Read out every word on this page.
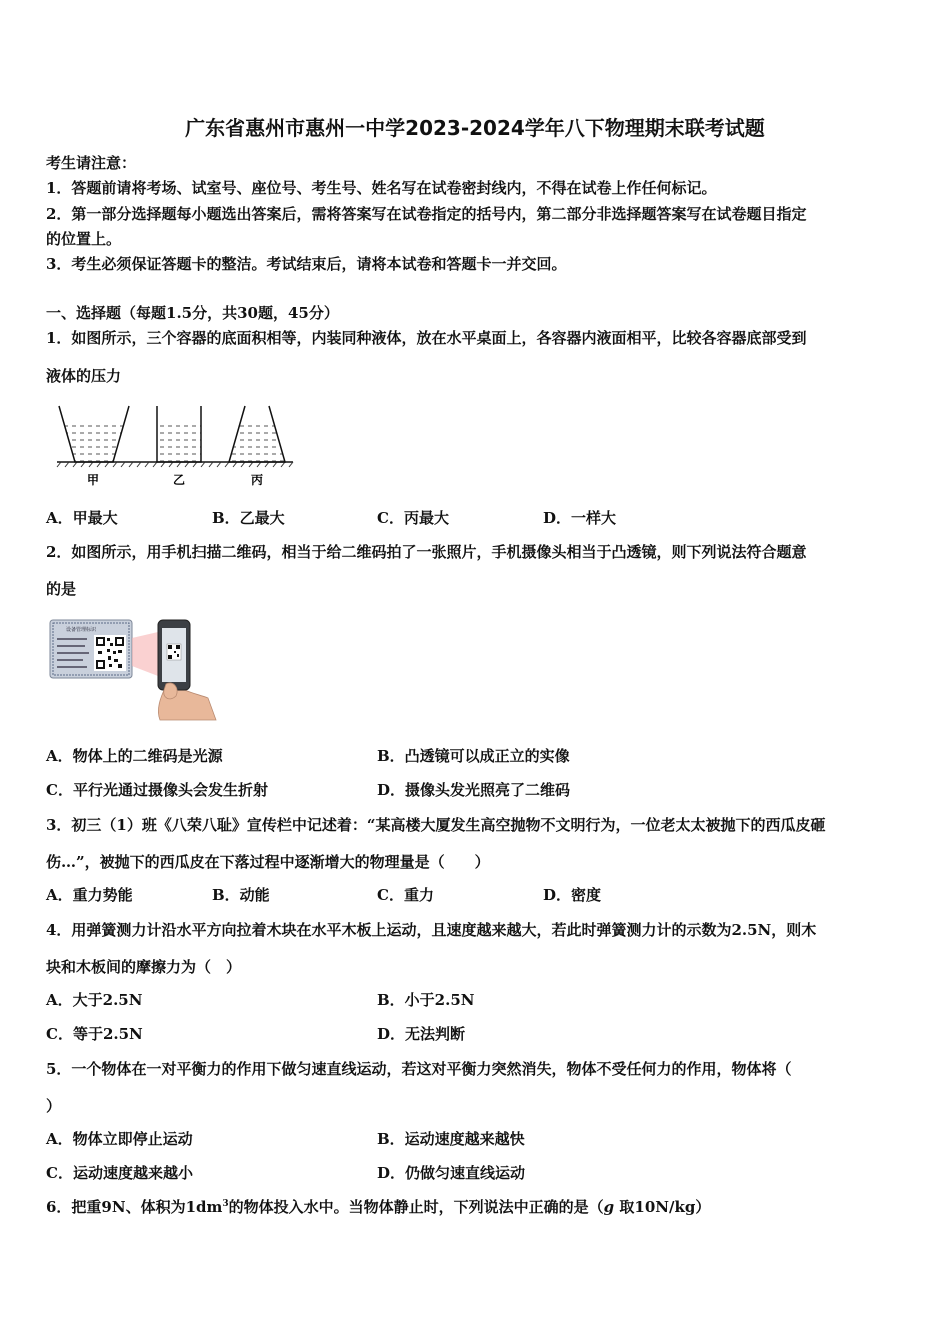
广东省惠州市惠州一中学2023-2024学年八下物理期末联考试题
考生请注意：
1．答题前请将考场、试室号、座位号、考生号、姓名写在试卷密封线内，不得在试卷上作任何标记。
2．第一部分选择题每小题选出答案后，需将答案写在试卷指定的括号内，第二部分非选择题答案写在试卷题目指定
的位置上。
3．考生必须保证答题卡的整洁。考试结束后，请将本试卷和答题卡一并交回。
一、选择题（每题1.5分，共30题，45分）
1．如图所示，三个容器的底面积相等，内装同种液体，放在水平桌面上，各容器内液面相平，比较各容器底部受到
液体的压力
甲	乙	丙
A．甲最大	B．乙最大	C．丙最大	D．一样大
2．如图所示，用手机扫描二维码，相当于给二维码拍了一张照片，手机摄像头相当于凸透镜，则下列说法符合题意
的是
设备管理标识
A．物体上的二维码是光源	B．凸透镜可以成正立的实像
C．平行光通过摄像头会发生折射	D．摄像头发光照亮了二维码
3．初三（1）班《八荣八耻》宣传栏中记述着：“某高楼大厦发生高空抛物不文明行为，一位老太太被抛下的西瓜皮砸
伤…”，被抛下的西瓜皮在下落过程中逐渐增大的物理量是（　　）
A．重力势能	B．动能	C．重力	D．密度
4．用弹簧测力计沿水平方向拉着木块在水平木板上运动，且速度越来越大，若此时弹簧测力计的示数为2.5N，则木
块和木板间的摩擦力为（　）
A．大于2.5N	B．小于2.5N
C．等于2.5N	D．无法判断
5．一个物体在一对平衡力的作用下做匀速直线运动，若这对平衡力突然消失，物体不受任何力的作用，物体将（
）
A．物体立即停止运动	B．运动速度越来越快
C．运动速度越来越小	D．仍做匀速直线运动
6．把重9N、体积为$1dm^3$的物体投入水中。当物体静止时，下列说法中正确的是（g 取10N/kg）
